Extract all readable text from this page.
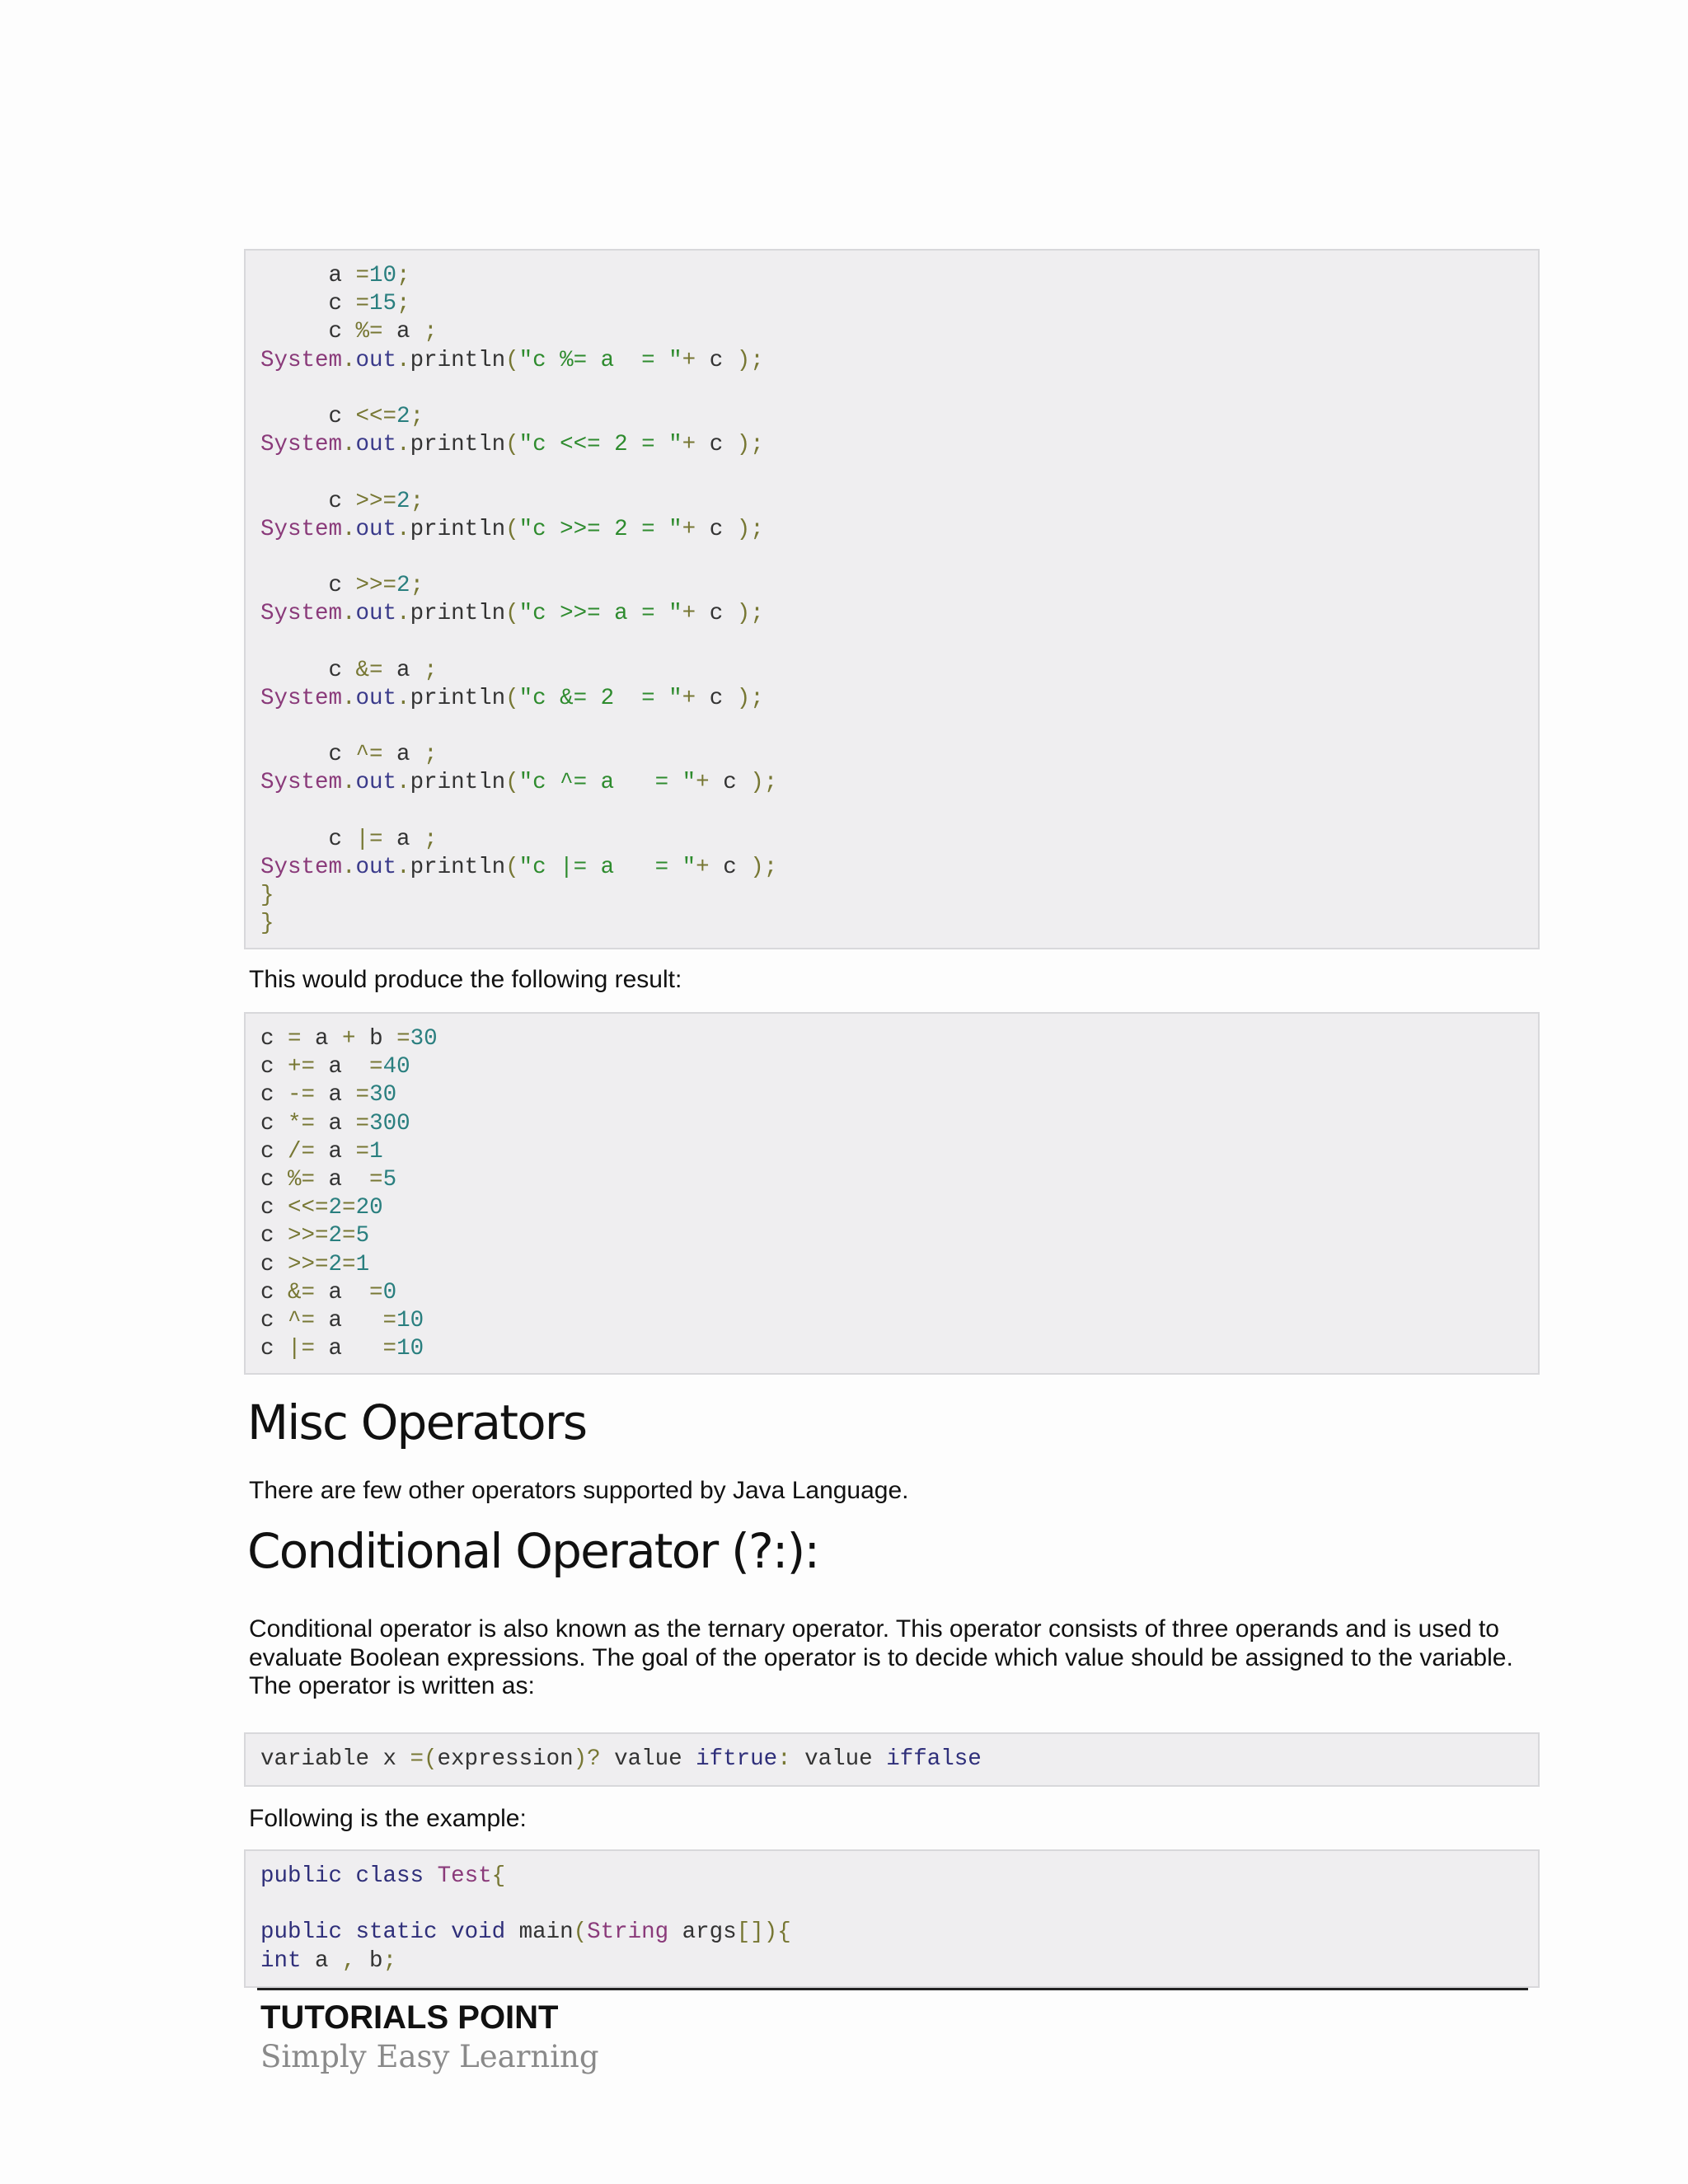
a =10;
c =15;
c %= a ;
System.out.println("c %= a  = "+ c );

c <<=2;
System.out.println("c <<= 2 = "+ c );

c >>=2;
System.out.println("c >>= 2 = "+ c );

c >>=2;
System.out.println("c >>= a = "+ c );

c &= a ;
System.out.println("c &= 2  = "+ c );

c ^= a ;
System.out.println("c ^= a   = "+ c );

c |= a ;
System.out.println("c |= a   = "+ c );
}
}
This would produce the following result:
c = a + b =30
c += a  =40
c -= a =30
c *= a =300
c /= a =1
c %= a  =5
c <<=2=20
c >>=2=5
c >>=2=1
c &= a  =0
c ^= a   =10
c |= a   =10
Misc Operators
There are few other operators supported by Java Language.
Conditional Operator (?:):
Conditional operator is also known as the ternary operator. This operator consists of three operands and is used to
evaluate Boolean expressions. The goal of the operator is to decide which value should be assigned to the variable.
The operator is written as:
variable x =(expression)? value iftrue: value iffalse
Following is the example:
public class Test{

public static void main(String args[]){
int a , b;
TUTORIALS POINT
Simply Easy Learning
